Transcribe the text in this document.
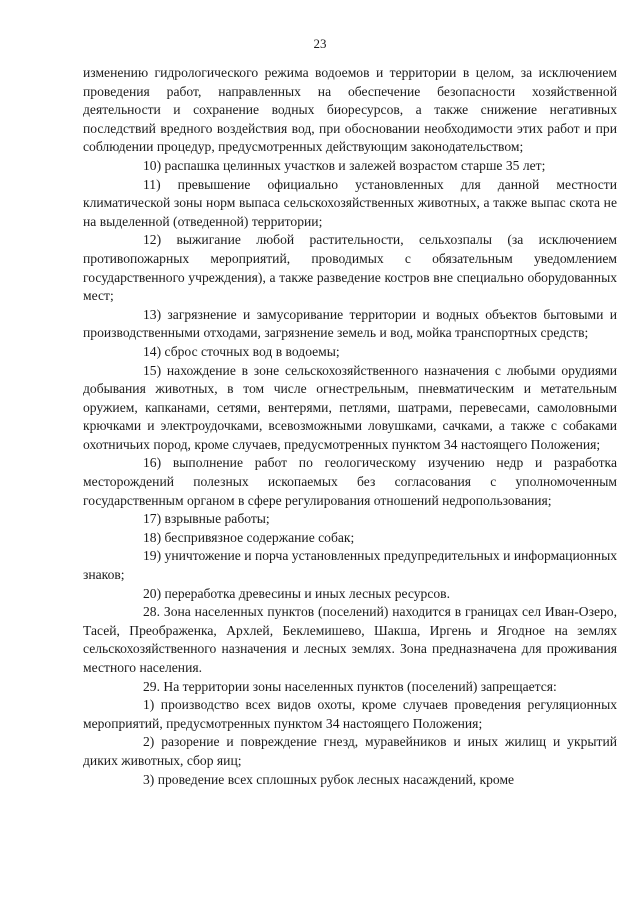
23

изменению гидрологического режима водоемов и территории в целом, за исключением проведения работ, направленных на обеспечение безопасности хозяйственной деятельности и сохранение водных биоресурсов, а также снижение негативных последствий вредного воздействия вод, при обосновании необходимости этих работ и при соблюдении процедур, предусмотренных действующим законодательством;

10) распашка целинных участков и залежей возрастом старше 35 лет;

11) превышение официально установленных для данной местности климатической зоны норм выпаса сельскохозяйственных животных, а также выпас скота не на выделенной (отведенной) территории;

12) выжигание любой растительности, сельхозпалы (за исключением противопожарных мероприятий, проводимых с обязательным уведомлением государственного учреждения), а также разведение костров вне специально оборудованных мест;

13) загрязнение и замусоривание территории и водных объектов бытовыми и производственными отходами, загрязнение земель и вод, мойка транспортных средств;

14) сброс сточных вод в водоемы;

15) нахождение в зоне сельскохозяйственного назначения с любыми орудиями добывания животных, в том числе огнестрельным, пневматическим и метательным оружием, капканами, сетями, вентерями, петлями, шатрами, перевесами, самоловными крючками и электроудочками, всевозможными ловушками, сачками, а также с собаками охотничьих пород, кроме случаев, предусмотренных пунктом 34 настоящего Положения;

16) выполнение работ по геологическому изучению недр и разработка месторождений полезных ископаемых без согласования с уполномоченным государственным органом в сфере регулирования отношений недропользования;

17) взрывные работы;

18) беспривязное содержание собак;

19) уничтожение и порча установленных предупредительных и информационных знаков;

20) переработка древесины и иных лесных ресурсов.

28. Зона населенных пунктов (поселений) находится в границах сел Иван-Озеро, Тасей, Преображенка, Архлей, Беклемишево, Шакша, Иргень и Ягодное на землях сельскохозяйственного назначения и лесных землях. Зона предназначена для проживания местного населения.

29. На территории зоны населенных пунктов (поселений) запрещается:

1) производство всех видов охоты, кроме случаев проведения регуляционных мероприятий, предусмотренных пунктом 34 настоящего Положения;

2) разорение и повреждение гнезд, муравейников и иных жилищ и укрытий диких животных, сбор яиц;

3) проведение всех сплошных рубок лесных насаждений, кроме
